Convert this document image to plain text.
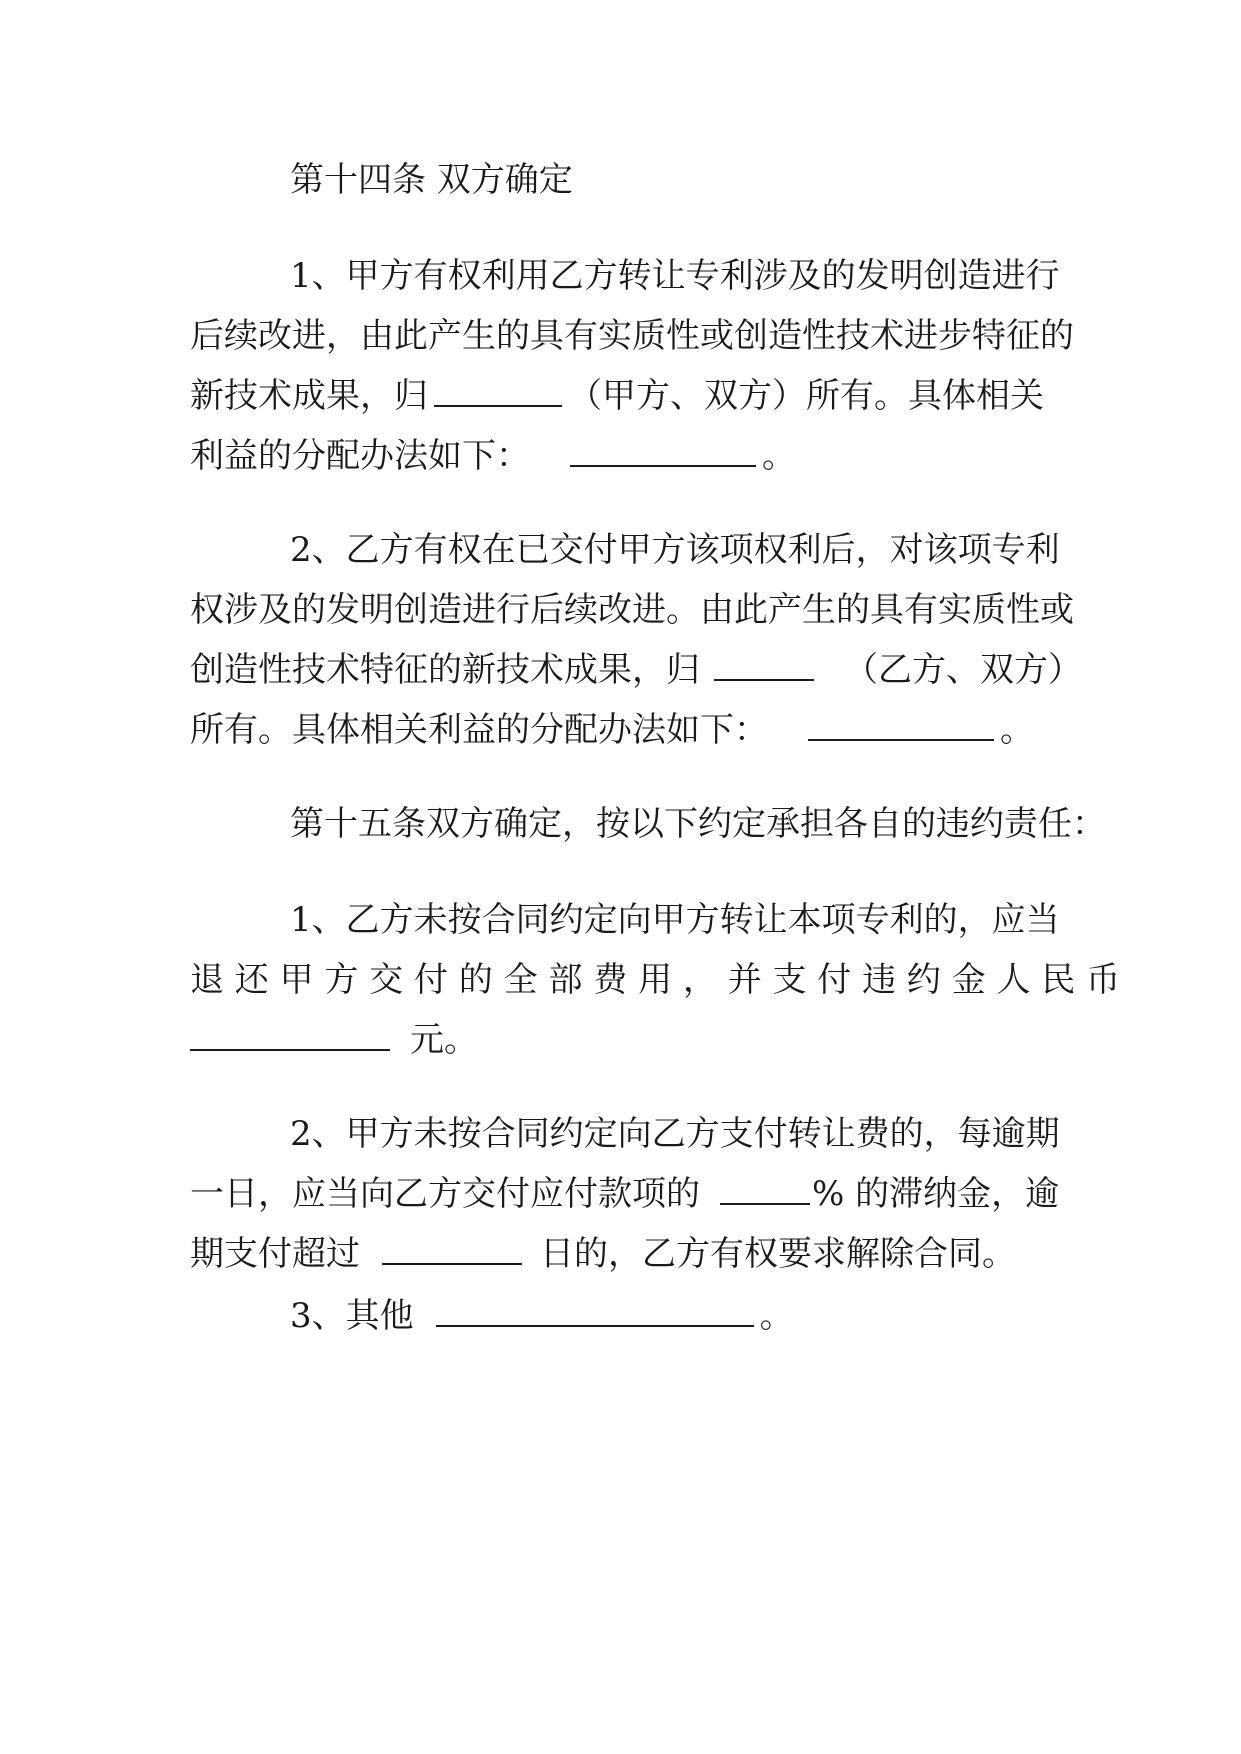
第十四条 双方确定

1、甲方有权利用乙方转让专利涉及的发明创造进行
后续改进，由此产生的具有实质性或创造性技术进步特征的
新技术成果，归	（甲方、双方）所有。具体相关
利益的分配办法如下：	。

2、乙方有权在已交付甲方该项权利后，对该项专利
权涉及的发明创造进行后续改进。由此产生的具有实质性或
创造性技术特征的新技术成果，归	（乙方、双方）
所有。具体相关利益的分配办法如下：	。

第十五条双方确定，按以下约定承担各自的违约责任：

1、乙方未按合同约定向甲方转让本项专利的，应当
退 还 甲 方 交 付 的 全 部 费 用 ， 并 支 付 违 约 金 人 民 币
元。

2、甲方未按合同约定向乙方支付转让费的，每逾期
一日，应当向乙方交付应付款项的	% 的滞纳金，逾
期支付超过	日的，乙方有权要求解除合同。

3、其他	。
